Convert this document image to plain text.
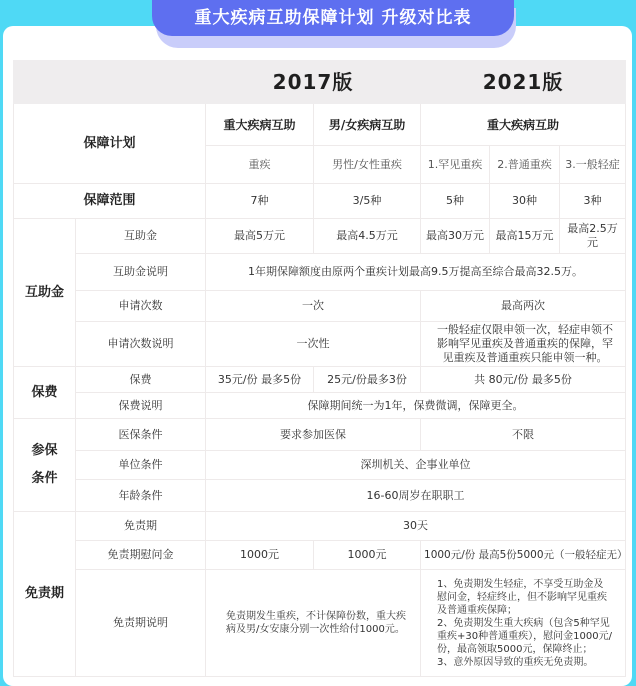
重大疾病互助保障计划 升级对比表
		2017版		2021版		
保障计划		重大疾病互助	男/女疾病互助	重大疾病互助		
		重疾	男性/女性重疾	1.罕见重疾	2.普通重疾	3.一般轻症
保障范围		7种	3/5种	5种	30种	3种
互助金	互助金	最高5万元	最高4.5万元	最高30万元	最高15万元	最高2.5万元
	互助金说明	1年期保障额度由原两个重疾计划最高9.5万提高至综合最高32.5万。				
	申请次数	一次		最高两次		
	申请次数说明	一次性		一般轻症仅限申领一次，轻症申领不影响罕见重疾及普通重疾的保障，罕见重疾及普通重疾只能申领一种。		
保费	保费	35元/份 最多5份	25元/份最多3份	共 80元/份 最多5份		
	保费说明	保障期间统一为1年，保费微调，保障更全。				
参保
条件	医保条件	要求参加医保		不限		
	单位条件	深圳机关、企事业单位				
	年龄条件	16-60周岁在职职工				
免责期	免责期	30天				
	免责期慰问金	1000元	1000元	1000元/份 最高5份5000元（一般轻症无）		
	免责期说明	免责期发生重疾，不计保障份数，重大疾病及男/女安康分别一次性给付1000元。		1、免责期发生轻症，不享受互助金及慰问金，轻症终止，但不影响罕见重疾及普通重疾保障；
2、免责期发生重大疾病（包含5种罕见重疾+30种普通重疾），慰问金1000元/份，最高领取5000元，保障终止；
3、意外原因导致的重疾无免责期。		
